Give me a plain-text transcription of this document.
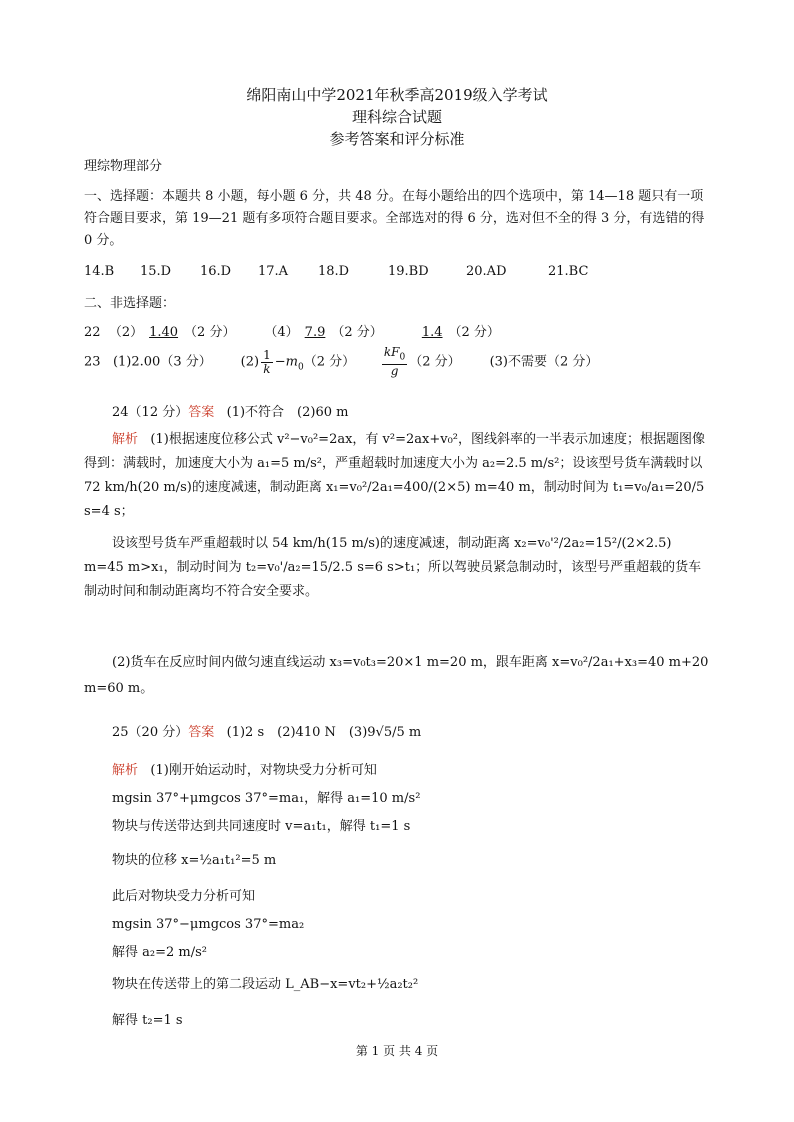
绵阳南山中学2021年秋季高2019级入学考试
理科综合试题
参考答案和评分标准
理综物理部分
一、选择题：本题共 8 小题，每小题 6 分，共 48 分。在每小题给出的四个选项中，第 14—18 题只有一项符合题目要求，第 19—21 题有多项符合题目要求。全部选对的得 6 分，选对但不全的得 3 分，有选错的得 0 分。
14.B 15.D 16.D 17.A 18.D	19.BD	20.AD	21.BC
二、非选择题：
22 （2） 1.40 （2 分） （4） 7.9 （2 分）	1.4 （2 分）
23 (1)2.00（3 分） $(2) \frac{1}{k} -m_0(2$ 分） $\frac{kF_0}{g} (2$ 分） (3)不需要（2 分）
24（12 分）答案 (1)不符合　(2)60 m
解析 (1)根据速度位移公式 v²−v₀²=2ax，有 v²=2ax+v₀²，图线斜率的一半表示加速度；根据题图像得到：满载时，加速度大小为 a₁=5 m/s²，严重超载时加速度大小为 a₂=2.5 m/s²；设该型号货车满载时以 72 km/h(20 m/s)的速度减速，制动距离 x₁=v₀²/2a₁=400/(2×5) m=40 m，制动时间为 t₁=v₀/a₁=20/5 s=4 s；
设该型号货车严重超载时以 54 km/h(15 m/s)的速度减速，制动距离 x₂=v₀'²/2a₂=15²/(2×2.5) m=45 m>x₁，制动时间为 t₂=v₀'/a₂=15/2.5 s=6 s>t₁；所以驾驶员紧急制动时，该型号严重超载的货车制动时间和制动距离均不符合安全要求。
(2)货车在反应时间内做匀速直线运动 x₃=v₀t₃=20×1 m=20 m，跟车距离 x=v₀²/2a₁+x₃=40 m+20 m=60 m。
25（20 分）答案 (1)2 s　(2)410 N　(3)9√5/5 m
解析 (1)刚开始运动时，对物块受力分析可知
mgsin 37°+μmgcos 37°=ma₁，解得 a₁=10 m/s²
物块与传送带达到共同速度时 v=a₁t₁，解得 t₁=1 s
物块的位移 x=½a₁t₁²=5 m
此后对物块受力分析可知
mgsin 37°−μmgcos 37°=ma₂
解得 a₂=2 m/s²
物块在传送带上的第二段运动 L_AB−x=vt₂+½a₂t₂²
解得 t₂=1 s
第 1 页 共 4 页
